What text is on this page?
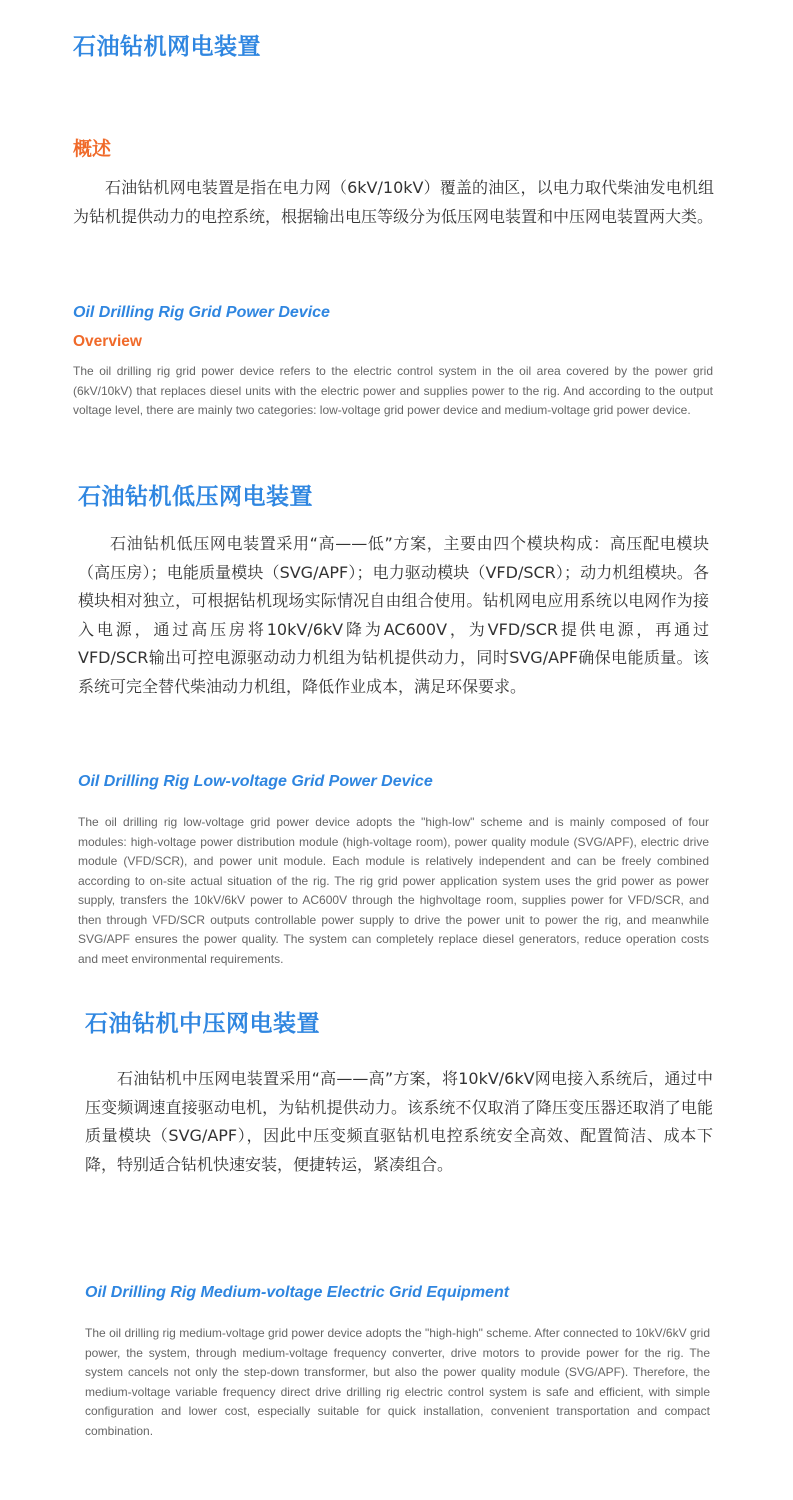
石油钻机网电装置
概述

石油钻机网电装置是指在电力网（6kV/10kV）覆盖的油区，以电力取代柴油发电机组为钻机提供动力的电控系统，根据输出电压等级分为低压网电装置和中压网电装置两大类。

Oil Drilling Rig Grid Power Device
Overview

The oil drilling rig grid power device refers to the electric control system in the oil area covered by the power grid (6kV/10kV) that replaces diesel units with the electric power and supplies power to the rig. And according to the output voltage level, there are mainly two categories: low-voltage grid power device and medium-voltage grid power device.

石油钻机低压网电装置

石油钻机低压网电装置采用“高——低”方案，主要由四个模块构成：高压配电模块（高压房）；电能质量模块（SVG/APF）；电力驱动模块（VFD/SCR）；动力机组模块。各模块相对独立，可根据钻机现场实际情况自由组合使用。钻机网电应用系统以电网作为接入电源，通过高压房将10kV/6kV降为AC600V，为VFD/SCR提供电源，再通过VFD/SCR输出可控电源驱动动力机组为钻机提供动力，同时SVG/APF确保电能质量。该系统可完全替代柴油动力机组，降低作业成本，满足环保要求。

Oil Drilling Rig Low-voltage Grid Power Device

The oil drilling rig low-voltage grid power device adopts the "high-low" scheme and is mainly composed of four modules: high-voltage power distribution module (high-voltage room), power quality module (SVG/APF), electric drive module (VFD/SCR), and power unit module. Each module is relatively independent and can be freely combined according to on-site actual situation of the rig. The rig grid power application system uses the grid power as power supply, transfers the 10kV/6kV power to AC600V through the highvoltage room, supplies power for VFD/SCR, and then through VFD/SCR outputs controllable power supply to drive the power unit to power the rig, and meanwhile SVG/APF ensures the power quality. The system can completely replace diesel generators, reduce operation costs and meet environmental requirements.

石油钻机中压网电装置

石油钻机中压网电装置采用“高——高”方案，将10kV/6kV网电接入系统后，通过中压变频调速直接驱动电机，为钻机提供动力。该系统不仅取消了降压变压器还取消了电能质量模块（SVG/APF），因此中压变频直驱钻机电控系统安全高效、配置简洁、成本下降，特别适合钻机快速安装，便捷转运，紧凑组合。

Oil Drilling Rig Medium-voltage Electric Grid Equipment

The oil drilling rig medium-voltage grid power device adopts the "high-high" scheme. After connected to 10kV/6kV grid power, the system, through medium-voltage frequency converter, drive motors to provide power for the rig. The system cancels not only the step-down transformer, but also the power quality module (SVG/APF). Therefore, the medium-voltage variable frequency direct drive drilling rig electric control system is safe and efficient, with simple configuration and lower cost, especially suitable for quick installation, convenient transportation and compact combination.
